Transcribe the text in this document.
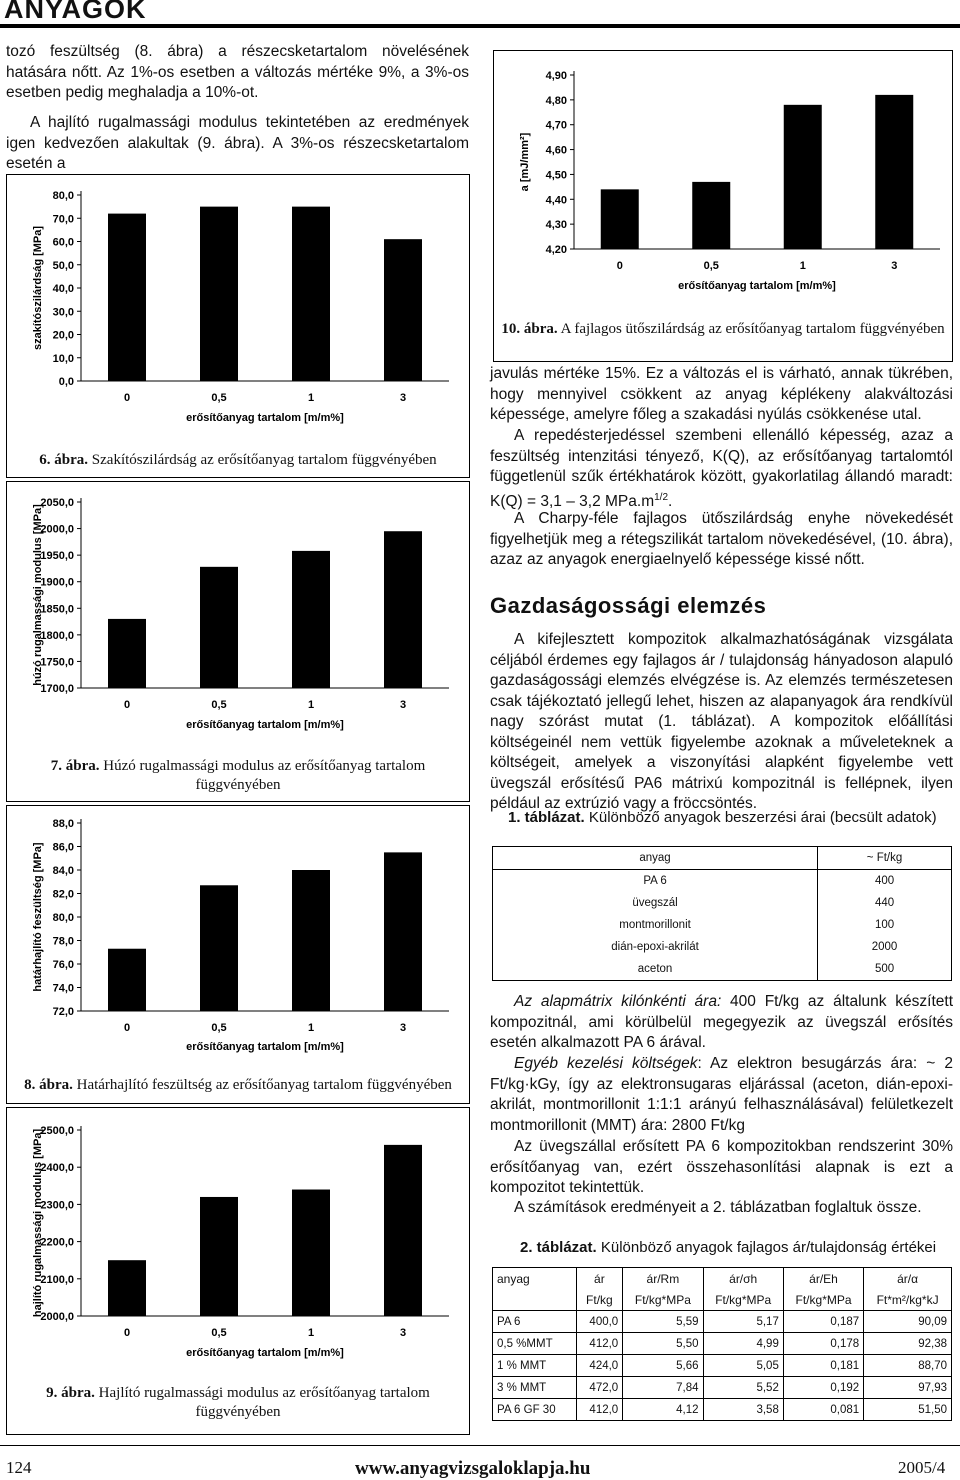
ANYAGOK
tozó feszültség (8. ábra) a részecsketartalom növelésének hatására nőtt. Az 1%-os esetben a változás mértéke 9%, a 3%-os esetben pedig meghaladja a 10%-ot.
A hajlító rugalmassági modulus tekintetében az eredmények igen kedvezően alakultak (9. ábra). A 3%-os részecsketartalom esetén a
0,0
10,0
20,0
30,0
40,0
50,0
60,0
70,0
80,0
0	0,5	1	3
erősítőanyag tartalom [m/m%]
szakítószilárdság [MPa]
6. ábra. Szakítószilárdság az erősítőanyag tartalom függvényében
1700,0
1750,0
1800,0
1850,0
1900,0
1950,0
2000,0
2050,0
0	0,5	1	3
erősítőanyag tartalom [m/m%]
húzó rugalmassági modulus [MPa]
7. ábra. Húzó rugalmassági modulus az erősítőanyag tartalom függvényében
72,0
74,0
76,0
78,0
80,0
82,0
84,0
86,0
88,0
0	0,5	1	3
erősítőanyag tartalom [m/m%]
határhajlító feszültség [MPa]
8. ábra. Határhajlító feszültség az erősítőanyag tartalom függvényében
2000,0
2100,0
2200,0
2300,0
2400,0
2500,0
0	0,5	1	3
erősítőanyag tartalom [m/m%]
hajlító rugalmassági modulus [MPa]
9. ábra. Hajlító rugalmassági modulus az erősítőanyag tartalom függvényében
4,20
4,30
4,40
4,50
4,60
4,70
4,80
4,90
0	0,5	1	3
erősítőanyag tartalom [m/m%]
a [mJ/mm²]
10. ábra. A fajlagos ütőszilárdság az erősítőanyag tartalom függvényében
javulás mértéke 15%. Ez a változás el is várható, annak tükrében, hogy mennyivel csökkent az anyag képlékeny alakváltozási képessége, amelyre főleg a szakadási nyúlás csökkenése utal.
A repedésterjedéssel szembeni ellenálló képesség, azaz a feszültség intenzitási tényező, K(Q), az erősítőanyag tartalomtól függetlenül szűk értékhatárok között, gyakorlatilag állandó maradt: K(Q) = 3,1 – 3,2 $MPa.m^{1/2}$.
A Charpy-féle fajlagos ütőszilárdság enyhe növekedését figyelhetjük meg a rétegszilikát tartalom növekedésével, (10. ábra), azaz az anyagok energiaelnyelő képessége kissé nőtt.
Gazdaságossági elemzés
A kifejlesztett kompozitok alkalmazhatóságának vizsgálata céljából érdemes egy fajlagos ár / tulajdonság hányadoson alapuló gazdaságossági elemzés elvégzése is. Az elemzés természetesen csak tájékoztató jellegű lehet, hiszen az alapanyagok ára rendkívül nagy szórást mutat (1. táblázat). A kompozitok előállítási költségeinél nem vettük figyelembe azoknak a műveleteknek a költségeit, amelyek a viszonyítási alapként figyelembe vett üvegszál erősítésű PA6 mátrixú kompozitnál is fellépnek, ilyen például az extrúzió vagy a fröccsöntés.
1. táblázat. Különböző anyagok beszerzési árai (becsült adatok)
anyag	~ Ft/kg
PA 6	400
üvegszál	440
montmorillonit	100
dián-epoxi-akrilát	2000
aceton	500
Az alapmátrix kilónkénti ára: 400 Ft/kg az általunk készített kompozitnál, ami körülbelül megegyezik az üvegszál erősítés esetén alkalmazott PA 6 árával.
Egyéb kezelési költségek: Az elektron besugárzás ára: ~ 2 Ft/kg·kGy, így az elektronsugaras eljárással (aceton, dián-epoxi-akrilát, montmorillonit 1:1:1 arányú felhasználásával) felületkezelt montmorillonit (MMT) ára: 2800 Ft/kg
Az üvegszállal erősített PA 6 kompozitokban rendszerint 30% erősítőanyag van, ezért összehasonlítási alapnak is ezt a kompozitot tekintettük.
A számítások eredményeit a 2. táblázatban foglaltuk össze.
2. táblázat. Különböző anyagok fajlagos ár/tulajdonság értékei
anyag	ár	ár/Rm	ár/σh	ár/Eh	ár/α
	Ft/kg	Ft/kg*MPa	Ft/kg*MPa	Ft/kg*MPa	Ft*m²/kg*kJ
PA 6	400,0	5,59	5,17	0,187	90,09
0,5 %MMT	412,0	5,50	4,99	0,178	92,38
1 % MMT	424,0	5,66	5,05	0,181	88,70
3 % MMT	472,0	7,84	5,52	0,192	97,93
PA 6 GF 30	412,0	4,12	3,58	0,081	51,50
124	www.anyagvizsgaloklapja.hu	2005/4
